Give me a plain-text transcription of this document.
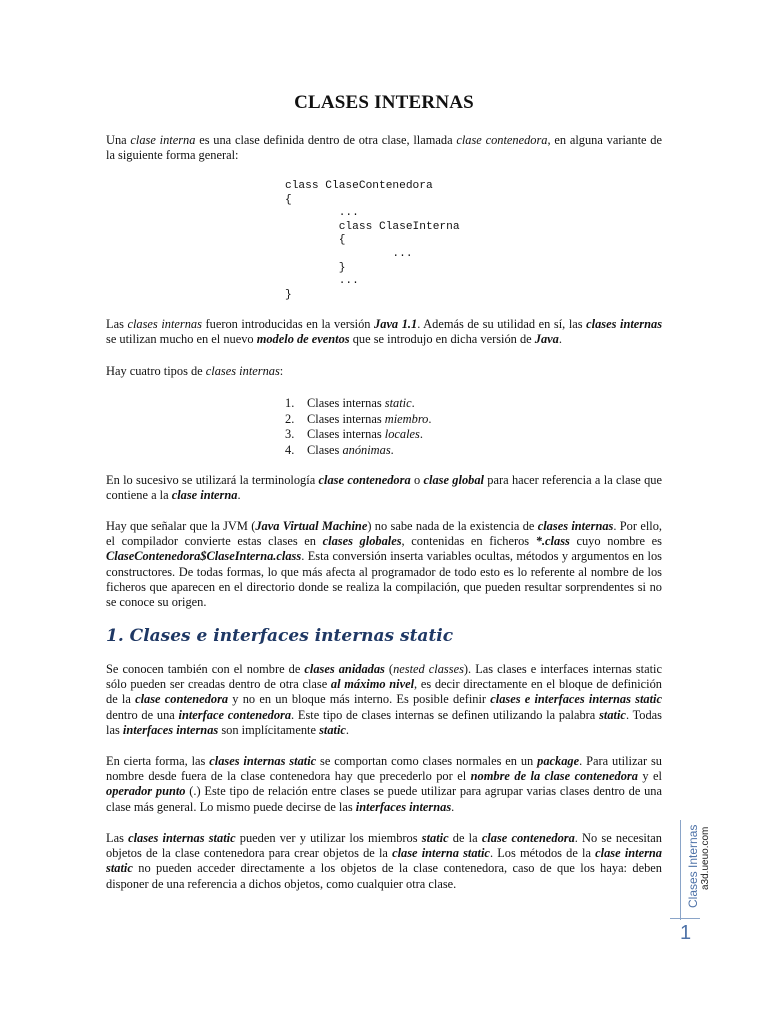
CLASES INTERNAS
Una clase interna es una clase definida dentro de otra clase, llamada clase contenedora, en alguna variante de la siguiente forma general:
class ClaseContenedora
{
...
class ClaseInterna
{
...
}
...
}
Las clases internas fueron introducidas en la versión Java 1.1. Además de su utilidad en sí, las clases internas se utilizan mucho en el nuevo modelo de eventos que se introdujo en dicha versión de Java.
Hay cuatro tipos de clases internas:
1.	Clases internas static.
2.	Clases internas miembro.
3.	Clases internas locales.
4.	Clases anónimas.
En lo sucesivo se utilizará la terminología clase contenedora o clase global para hacer referencia a la clase que contiene a la clase interna.
Hay que señalar que la JVM (Java Virtual Machine) no sabe nada de la existencia de clases internas. Por ello, el compilador convierte estas clases en clases globales, contenidas en ficheros *.class cuyo nombre es ClaseContenedora$ClaseInterna.class. Esta conversión inserta variables ocultas, métodos y argumentos en los constructores. De todas formas, lo que más afecta al programador de todo esto es lo referente al nombre de los ficheros que aparecen en el directorio donde se realiza la compilación, que pueden resultar sorprendentes si no se conoce su origen.
1. Clases e interfaces internas static
Se conocen también con el nombre de clases anidadas (nested classes). Las clases e interfaces internas static sólo pueden ser creadas dentro de otra clase al máximo nivel, es decir directamente en el bloque de definición de la clase contenedora y no en un bloque más interno. Es posible definir clases e interfaces internas static dentro de una interface contenedora. Este tipo de clases internas se definen utilizando la palabra static. Todas las interfaces internas son implícitamente static.
En cierta forma, las clases internas static se comportan como clases normales en un package. Para utilizar su nombre desde fuera de la clase contenedora hay que precederlo por el nombre de la clase contenedora y el operador punto (.) Este tipo de relación entre clases se puede utilizar para agrupar varias clases dentro de una clase más general. Lo mismo puede decirse de las interfaces internas.
Las clases internas static pueden ver y utilizar los miembros static de la clase contenedora. No se necesitan objetos de la clase contenedora para crear objetos de la clase interna static. Los métodos de la clase interna static no pueden acceder directamente a los objetos de la clase contenedora, caso de que los haya: deben disponer de una referencia a dichos objetos, como cualquier otra clase.	Clases Internas a3d.ueuo.com
1
